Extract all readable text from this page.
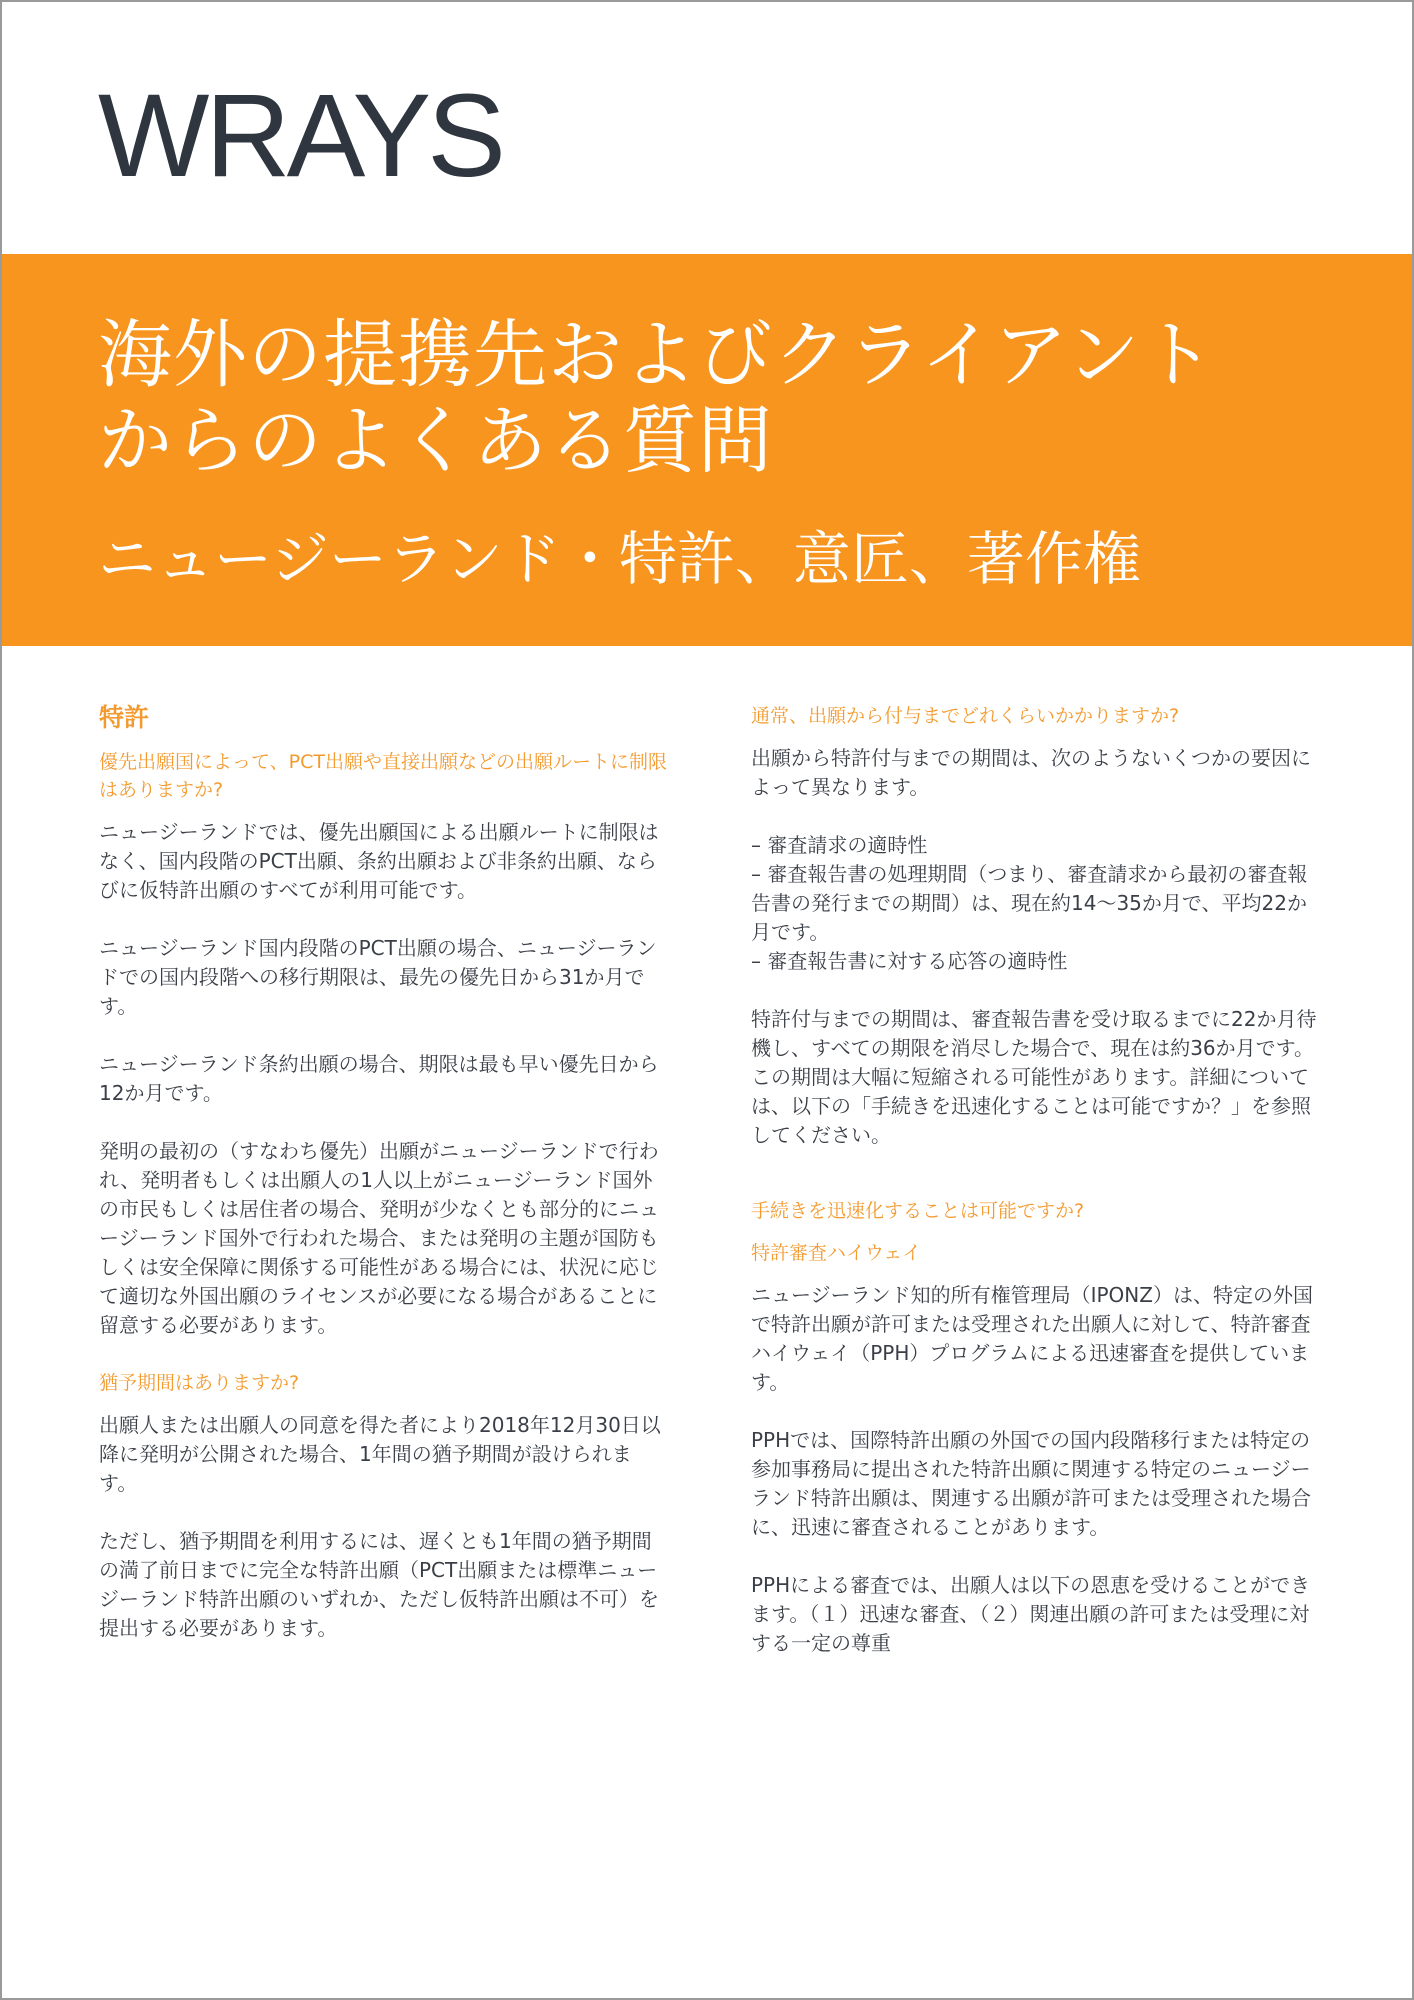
WRAYS
海外の提携先およびクライアント
からのよくある質問
ニュージーランド・特許、意匠、著作権
特許
優先出願国によって、PCT出願や直接出願などの出願ルートに制限はありますか?
ニュージーランドでは、優先出願国による出願ルートに制限はなく、国内段階のPCT出願、条約出願および非条約出願、ならびに仮特許出願のすべてが利用可能です。
ニュージーランド国内段階のPCT出願の場合、ニュージーランドでの国内段階への移行期限は、最先の優先日から31か月です。
ニュージーランド条約出願の場合、期限は最も早い優先日から12か月です。
発明の最初の（すなわち優先）出願がニュージーランドで行われ、発明者もしくは出願人の1人以上がニュージーランド国外の市民もしくは居住者の場合、発明が少なくとも部分的にニュージーランド国外で行われた場合、または発明の主題が国防もしくは安全保障に関係する可能性がある場合には、状況に応じて適切な外国出願のライセンスが必要になる場合があることに留意する必要があります。
猶予期間はありますか?
出願人または出願人の同意を得た者により2018年12月30日以降に発明が公開された場合、1年間の猶予期間が設けられます。
ただし、猶予期間を利用するには、遅くとも1年間の猶予期間の満了前日までに完全な特許出願（PCT出願または標準ニュージーランド特許出願のいずれか、ただし仮特許出願は不可）を提出する必要があります。
通常、出願から付与までどれくらいかかりますか?
出願から特許付与までの期間は、次のようないくつかの要因によって異なります。
– 審査請求の適時性
– 審査報告書の処理期間（つまり、審査請求から最初の審査報告書の発行までの期間）は、現在約14〜35か月で、平均22か月です。
– 審査報告書に対する応答の適時性
特許付与までの期間は、審査報告書を受け取るまでに22か月待機し、すべての期限を消尽した場合で、現在は約36か月です。この期間は大幅に短縮される可能性があります。詳細については、以下の「手続きを迅速化することは可能ですか？」を参照してください。
手続きを迅速化することは可能ですか?
特許審査ハイウェイ
ニュージーランド知的所有権管理局（IPONZ）は、特定の外国で特許出願が許可または受理された出願人に対して、特許審査ハイウェイ（PPH）プログラムによる迅速審査を提供しています。
PPHでは、国際特許出願の外国での国内段階移行または特定の参加事務局に提出された特許出願に関連する特定のニュージーランド特許出願は、関連する出願が許可または受理された場合に、迅速に審査されることがあります。
PPHによる審査では、出願人は以下の恩恵を受けることができます。（１）迅速な審査、（２）関連出願の許可または受理に対する一定の尊重
